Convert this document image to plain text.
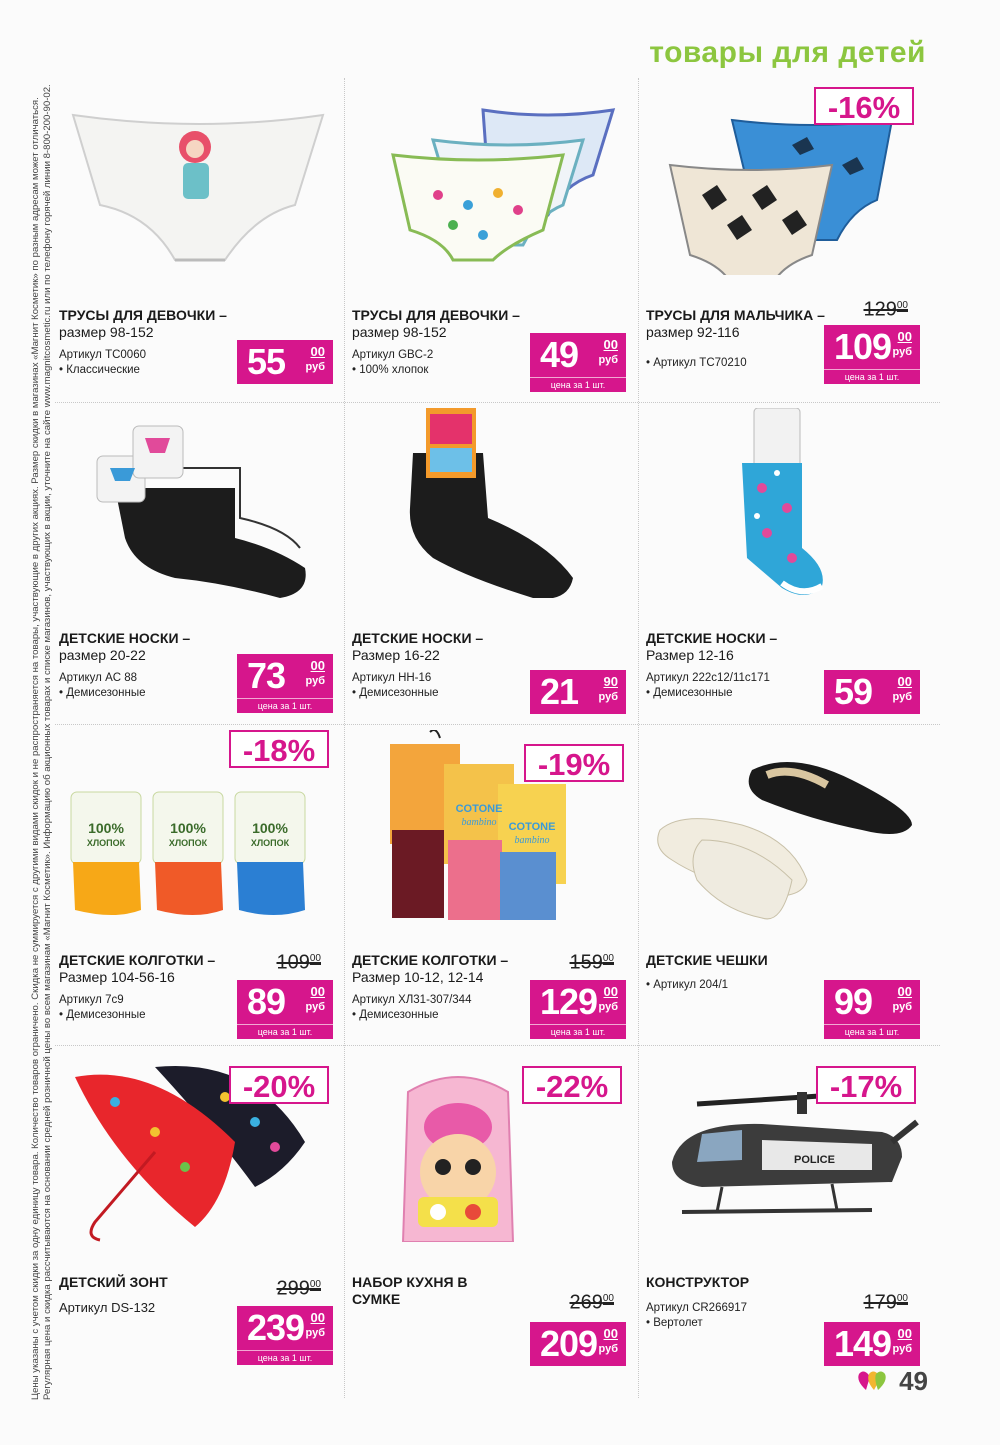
товары для детей
Цены указаны с учетом скидки за одну единицу товара. Количество товаров ограничено. Скидка не суммируется с другими видами скидок и не распространяется на товары, участвующие в других акциях. Размер скидки в магазинах «Магнит Косметик» по разным адресам может отличаться. Регулярная цена и скидка рассчитываются на основании средней розничной цены во всем магазинам «Магнит Косметик». Информацию об акционных товарах и списке магазинов, участвующих в акции, уточните на сайте www.magnitcosmetic.ru или по телефону горячей линии 8-800-200-90-02. ТРУСЫ ДЛЯ ДЕВОЧКИ –
размер 98-152
Артикул TC0060
• Классические	55 00
руб
ТРУСЫ ДЛЯ ДЕВОЧКИ –
размер 98-152
Артикул GBC-2
• 100% хлопок	49 00
руб
цена за 1 шт.
-16%
ТРУСЫ ДЛЯ МАЛЬЧИКА –
размер 92-116
• Артикул TC70210
$129^{00}$
109 00
руб
цена за 1 шт.
ДЕТСКИЕ НОСКИ –
размер 20-22
Артикул AC 88
• Демисезонные	73 00
руб
цена за 1 шт.
ДЕТСКИЕ НОСКИ –
Размер 16-22
Артикул HH-16
• Демисезонные	21 90
руб
ДЕТСКИЕ НОСКИ –
Размер 12-16
Артикул 222c12/11c171
• Демисезонные	59 00
руб
100%	100%	100%
ХЛОПОК	ХЛОПОК	ХЛОПОК
-18%
ДЕТСКИЕ КОЛГОТКИ –
Размер 104-56-16
Артикул 7c9
• Демисезонные
$109^{00}$
89 00
руб
цена за 1 шт.
COTONE
bambino COTONE
bambino
-19%
ДЕТСКИЕ КОЛГОТКИ –
Размер 10-12, 12-14
Артикул ХЛ31-307/344
• Демисезонные
$159^{00}$
129 00
руб
цена за 1 шт.
ДЕТСКИЕ ЧЕШКИ
• Артикул 204/1	99 00
руб
цена за 1 шт.
-20%
ДЕТСКИЙ ЗОНТ
Артикул DS-132
$299^{00}$
239 00
руб
цена за 1 шт.
-22%
НАБОР КУХНЯ В
СУМКЕ	$269^{00}$
209 00
руб
POLICE
-17%
КОНСТРУКТОР
Артикул CR266917
• Вертолет
$179^{00}$
149 00
руб
49
